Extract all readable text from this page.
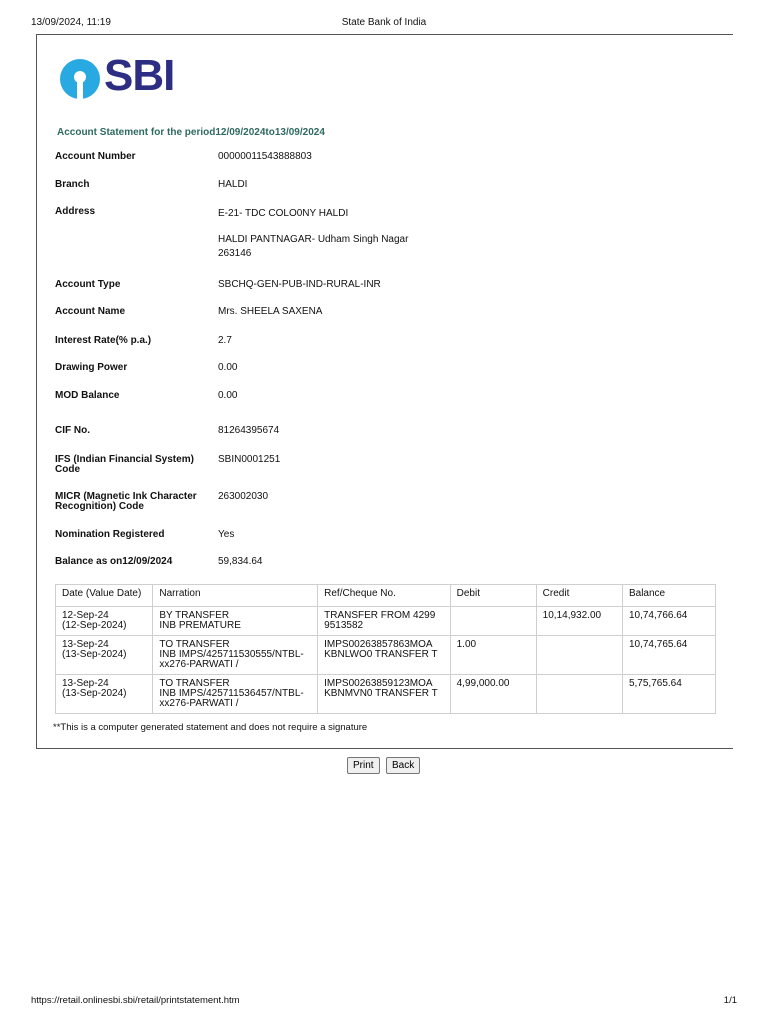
13/09/2024, 11:19	State Bank of India
SBI
Account Statement for the period12/09/2024to13/09/2024
Account Number	00000011543888803
Branch	HALDI
Address	E-21- TDC COLO0NY HALDI
HALDI PANTNAGAR- Udham Singh Nagar
263146
Account Type	SBCHQ-GEN-PUB-IND-RURAL-INR
Account Name	Mrs. SHEELA SAXENA
Interest Rate(% p.a.)	2.7
Drawing Power	0.00
MOD Balance	0.00
CIF No.	81264395674
IFS (Indian Financial System)
Code
SBIN0001251
MICR (Magnetic Ink Character
Recognition) Code
263002030
Nomination Registered	Yes
Balance as on12/09/2024	59,834.64
Date (Value Date)	Narration	Ref/Cheque No.	Debit	Credit	Balance
12-Sep-24
(12-Sep-2024)	BY TRANSFER
INB PREMATURE	TRANSFER FROM 4299
9513582		10,14,932.00	10,74,766.64
13-Sep-24
(13-Sep-2024)	TO TRANSFER
INB IMPS/425711530555/NTBL-
xx276-PARWATI /	IMPS00263857863MOA
KBNLWO0 TRANSFER T	1.00		10,74,765.64
13-Sep-24
(13-Sep-2024)	TO TRANSFER
INB IMPS/425711536457/NTBL-
xx276-PARWATI /	IMPS00263859123MOA
KBNMVN0 TRANSFER T	4,99,000.00		5,75,765.64
**This is a computer generated statement and does not require a signature
Print Back
https://retail.onlinesbi.sbi/retail/printstatement.htm	1/1
